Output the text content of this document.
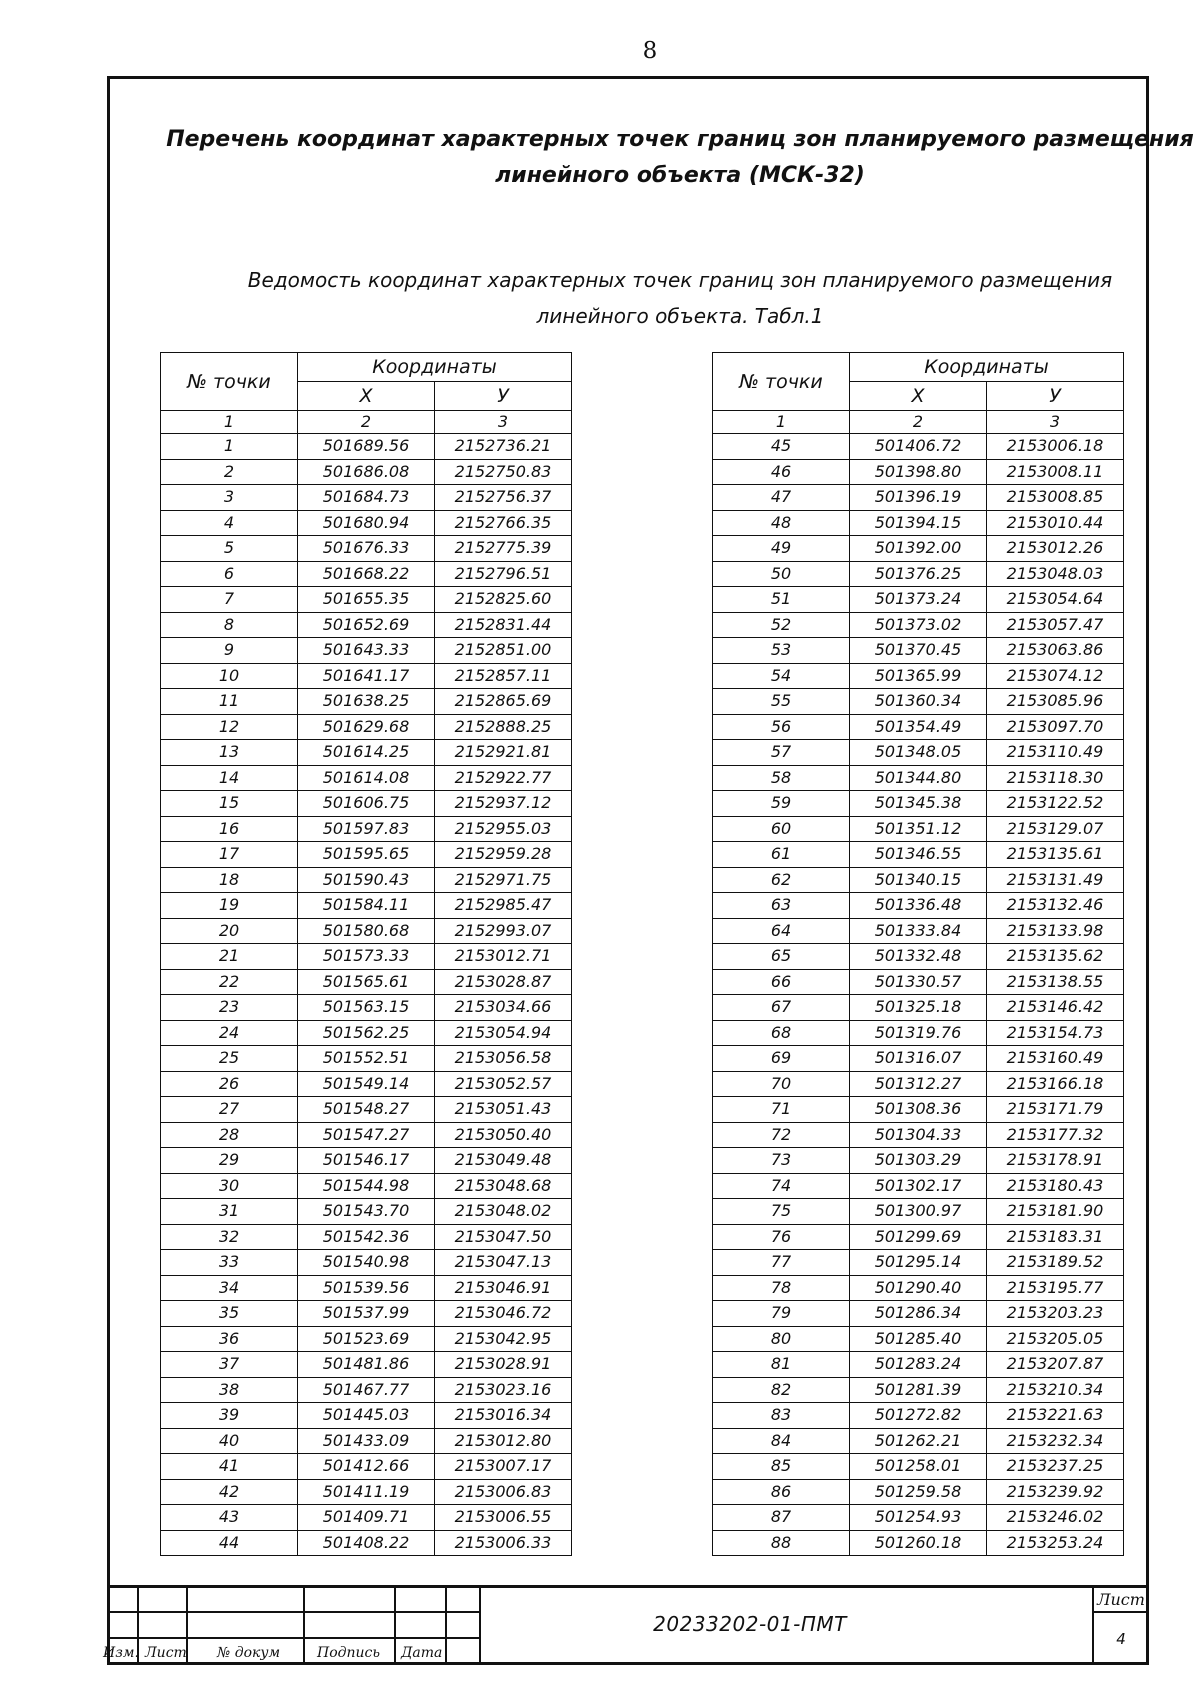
8
Перечень координат характерных точек границ зон планируемого размещения
линейного объекта (МСК-32)
Ведомость координат характерных точек границ зон планируемого размещения
линейного объекта. Табл.1
№ точки	Координаты	
	X	У
1	2	3
1	501689.56	2152736.21
2	501686.08	2152750.83
3	501684.73	2152756.37
4	501680.94	2152766.35
5	501676.33	2152775.39
6	501668.22	2152796.51
7	501655.35	2152825.60
8	501652.69	2152831.44
9	501643.33	2152851.00
10	501641.17	2152857.11
11	501638.25	2152865.69
12	501629.68	2152888.25
13	501614.25	2152921.81
14	501614.08	2152922.77
15	501606.75	2152937.12
16	501597.83	2152955.03
17	501595.65	2152959.28
18	501590.43	2152971.75
19	501584.11	2152985.47
20	501580.68	2152993.07
21	501573.33	2153012.71
22	501565.61	2153028.87
23	501563.15	2153034.66
24	501562.25	2153054.94
25	501552.51	2153056.58
26	501549.14	2153052.57
27	501548.27	2153051.43
28	501547.27	2153050.40
29	501546.17	2153049.48
30	501544.98	2153048.68
31	501543.70	2153048.02
32	501542.36	2153047.50
33	501540.98	2153047.13
34	501539.56	2153046.91
35	501537.99	2153046.72
36	501523.69	2153042.95
37	501481.86	2153028.91
38	501467.77	2153023.16
39	501445.03	2153016.34
40	501433.09	2153012.80
41	501412.66	2153007.17
42	501411.19	2153006.83
43	501409.71	2153006.55
44	501408.22	2153006.33
№ точки	Координаты	
	X	У
1	2	3
45	501406.72	2153006.18
46	501398.80	2153008.11
47	501396.19	2153008.85
48	501394.15	2153010.44
49	501392.00	2153012.26
50	501376.25	2153048.03
51	501373.24	2153054.64
52	501373.02	2153057.47
53	501370.45	2153063.86
54	501365.99	2153074.12
55	501360.34	2153085.96
56	501354.49	2153097.70
57	501348.05	2153110.49
58	501344.80	2153118.30
59	501345.38	2153122.52
60	501351.12	2153129.07
61	501346.55	2153135.61
62	501340.15	2153131.49
63	501336.48	2153132.46
64	501333.84	2153133.98
65	501332.48	2153135.62
66	501330.57	2153138.55
67	501325.18	2153146.42
68	501319.76	2153154.73
69	501316.07	2153160.49
70	501312.27	2153166.18
71	501308.36	2153171.79
72	501304.33	2153177.32
73	501303.29	2153178.91
74	501302.17	2153180.43
75	501300.97	2153181.90
76	501299.69	2153183.31
77	501295.14	2153189.52
78	501290.40	2153195.77
79	501286.34	2153203.23
80	501285.40	2153205.05
81	501283.24	2153207.87
82	501281.39	2153210.34
83	501272.82	2153221.63
84	501262.21	2153232.34
85	501258.01	2153237.25
86	501259.58	2153239.92
87	501254.93	2153246.02
88	501260.18	2153253.24
Изм. Лист № докум	Подпись Дата
20233202-01-ПМТ
Лист
4
